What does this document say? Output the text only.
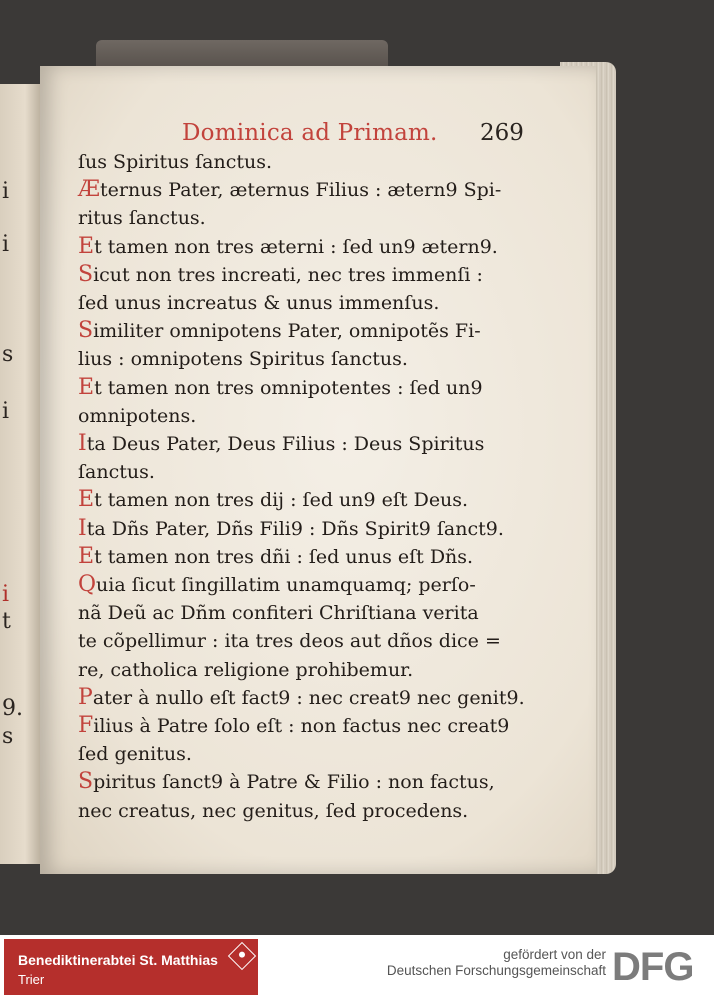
i
i
s
i
i
t
9.
s
Dominica ad Primam. 269
ſus Spiritus ſanctus.
Æternus Pater, æternus Filius : ætern9 Spi-
ritus ſanctus.
Et tamen non tres æterni : ſed un9 ætern9.
Sicut non tres increati, nec tres immenſi :
ſed unus increatus & unus immenſus.
Similiter omnipotens Pater, omnipotẽs Fi-
lius : omnipotens Spiritus ſanctus.
Et tamen non tres omnipotentes : ſed un9
omnipotens.
Ita Deus Pater, Deus Filius : Deus Spiritus
ſanctus.
Et tamen non tres dij : ſed un9 eſt Deus.
Ita Dñs Pater, Dñs Fili9 : Dñs Spirit9 ſanct9.
Et tamen non tres dñi : ſed unus eſt Dñs.
Quia ſicut ſingillatim unamquamq; perſo-
nã Deũ ac Dñm confiteri Chriſtiana verita
te cõpellimur : ita tres deos aut dños dice =
re, catholica religione prohibemur.
Pater à nullo eſt fact9 : nec creat9 nec genit9.
Filius à Patre ſolo eſt : non factus nec creat9
ſed genitus.
Spiritus ſanct9 à Patre & Filio : non factus,
nec creatus, nec genitus, ſed procedens.
Benediktinerabtei St. Matthias
Trier
gefördert von der
Deutschen Forschungsgemeinschaft DFG
